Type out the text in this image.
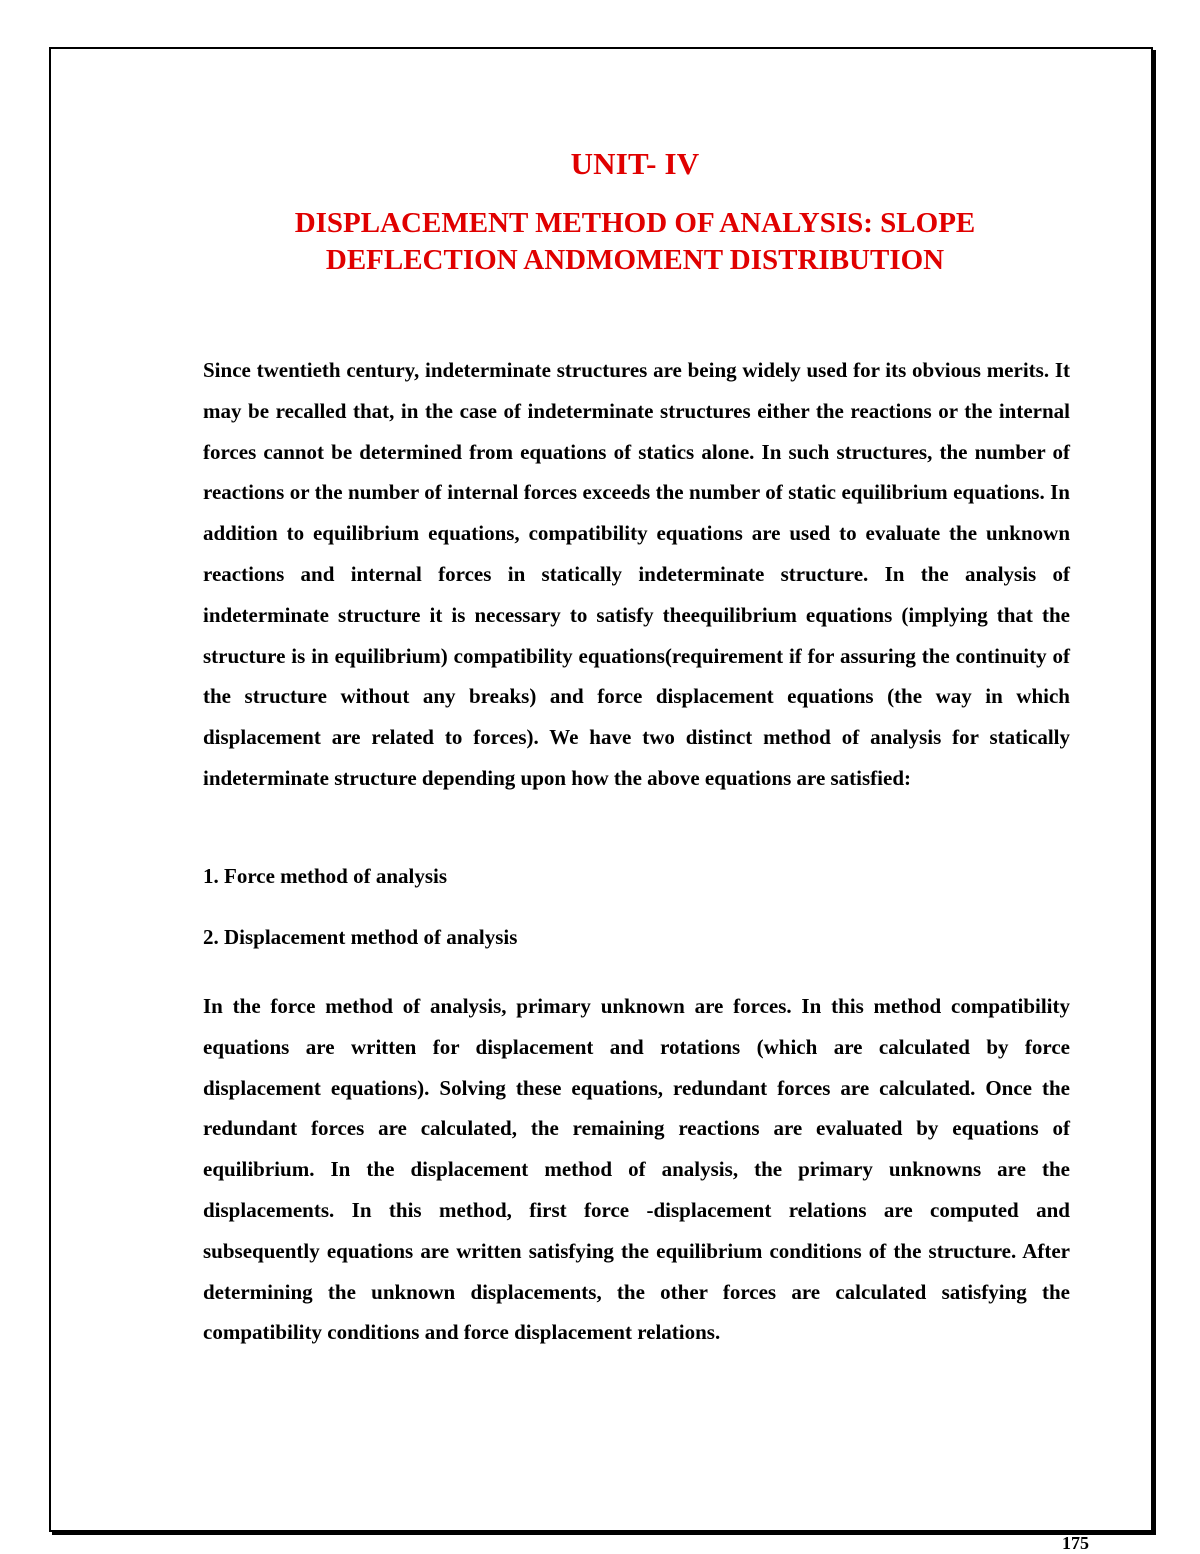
UNIT- IV
DISPLACEMENT METHOD OF ANALYSIS: SLOPE
DEFLECTION ANDMOMENT DISTRIBUTION

Since twentieth century, indeterminate structures are being widely used for its obvious merits. It may be recalled that, in the case of indeterminate structures either the reactions or the internal forces cannot be determined from equations of statics alone. In such structures, the number of reactions or the number of internal forces exceeds the number of static equilibrium equations. In addition to equilibrium equations, compatibility equations are used to evaluate the unknown reactions and internal forces in statically indeterminate structure. In the analysis of indeterminate structure it is necessary to satisfy theequilibrium equations (implying that the structure is in equilibrium) compatibility equations(requirement if for assuring the continuity of the structure without any breaks) and force displacement equations (the way in which displacement are related to forces). We have two distinct method of analysis for statically indeterminate structure depending upon how the above equations are satisfied:

1. Force method of analysis

2. Displacement method of analysis

In the force method of analysis, primary unknown are forces. In this method compatibility equations are written for displacement and rotations (which are calculated by force displacement equations). Solving these equations, redundant forces are calculated. Once the redundant forces are calculated, the remaining reactions are evaluated by equations of equilibrium. In the displacement method of analysis, the primary unknowns are the displacements. In this method, first force -displacement relations are computed and subsequently equations are written satisfying the equilibrium conditions of the structure. After determining the unknown displacements, the other forces are calculated satisfying the compatibility conditions and force displacement relations.

175
